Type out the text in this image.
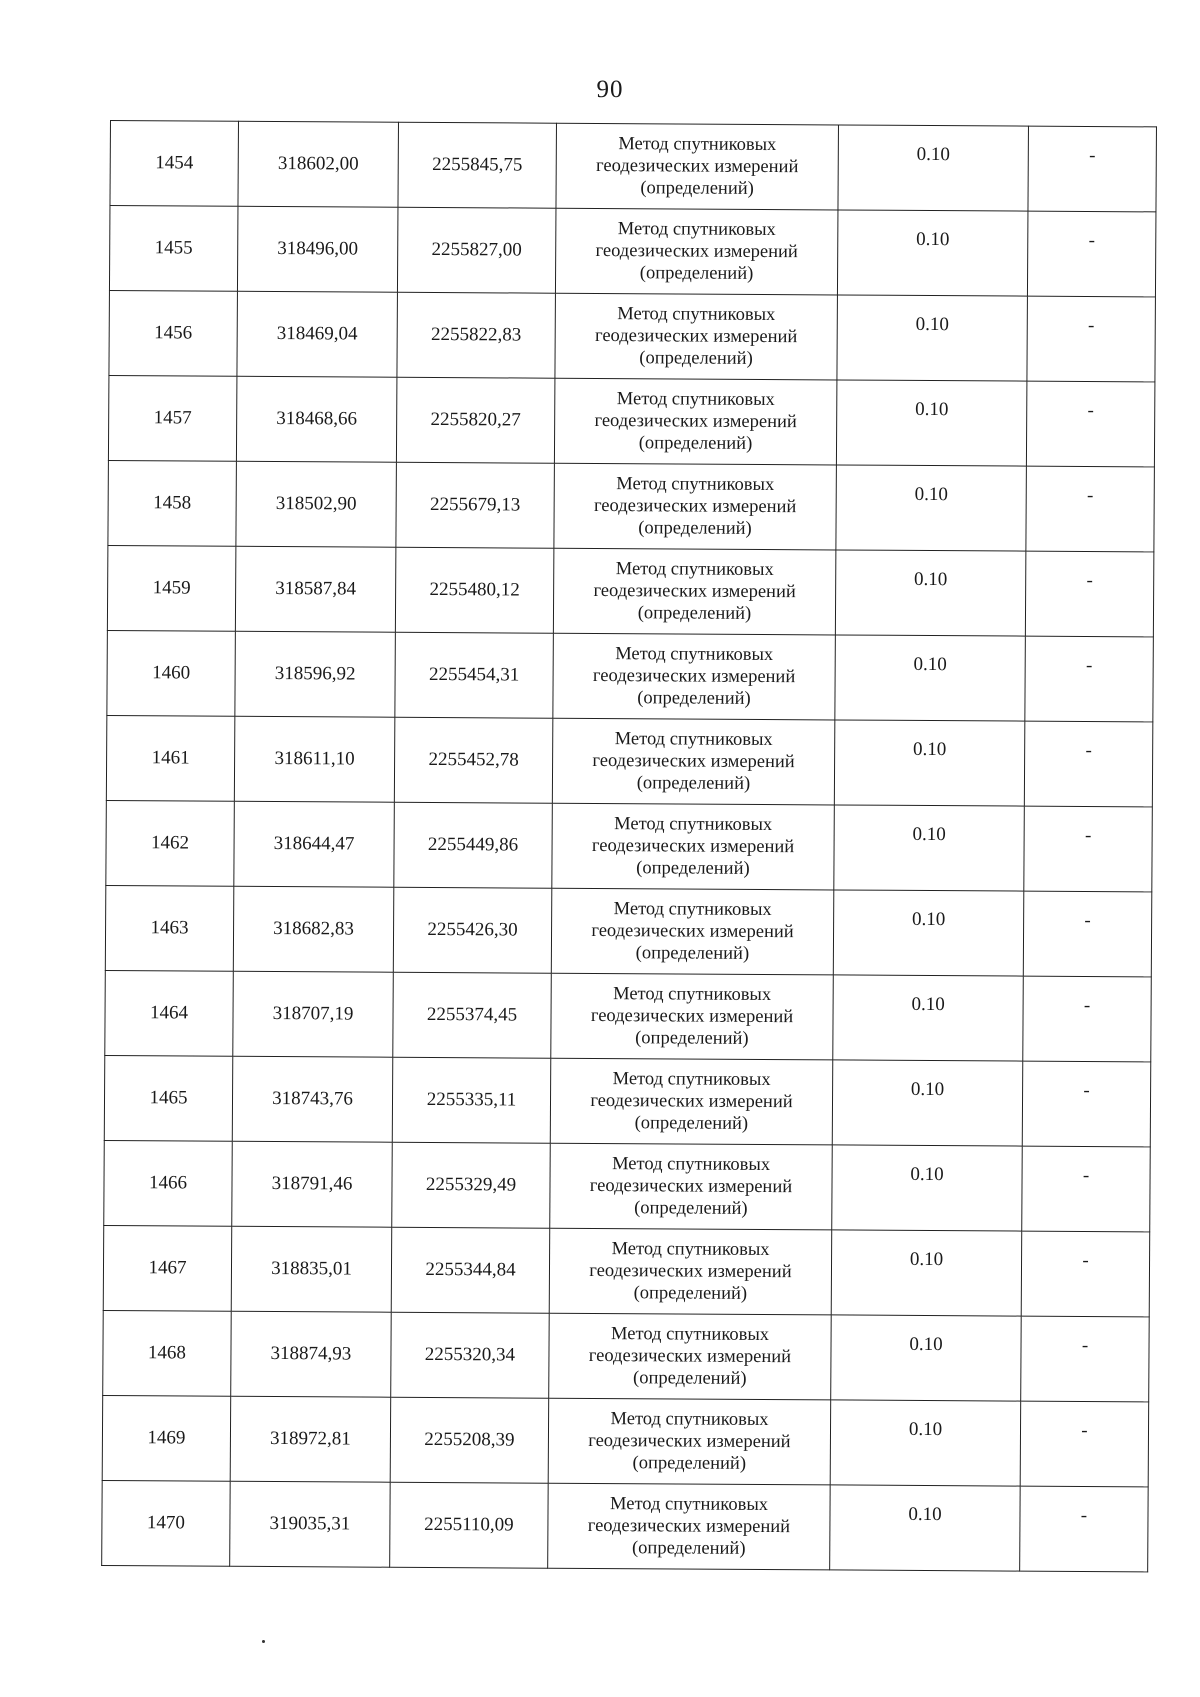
90
1454	318602,00	2255845,75	Метод спутниковых
геодезических измерений
(определений)	0.10	-
1455	318496,00	2255827,00	Метод спутниковых
геодезических измерений
(определений)	0.10	-
1456	318469,04	2255822,83	Метод спутниковых
геодезических измерений
(определений)	0.10	-
1457	318468,66	2255820,27	Метод спутниковых
геодезических измерений
(определений)	0.10	-
1458	318502,90	2255679,13	Метод спутниковых
геодезических измерений
(определений)	0.10	-
1459	318587,84	2255480,12	Метод спутниковых
геодезических измерений
(определений)	0.10	-
1460	318596,92	2255454,31	Метод спутниковых
геодезических измерений
(определений)	0.10	-
1461	318611,10	2255452,78	Метод спутниковых
геодезических измерений
(определений)	0.10	-
1462	318644,47	2255449,86	Метод спутниковых
геодезических измерений
(определений)	0.10	-
1463	318682,83	2255426,30	Метод спутниковых
геодезических измерений
(определений)	0.10	-
1464	318707,19	2255374,45	Метод спутниковых
геодезических измерений
(определений)	0.10	-
1465	318743,76	2255335,11	Метод спутниковых
геодезических измерений
(определений)	0.10	-
1466	318791,46	2255329,49	Метод спутниковых
геодезических измерений
(определений)	0.10	-
1467	318835,01	2255344,84	Метод спутниковых
геодезических измерений
(определений)	0.10	-
1468	318874,93	2255320,34	Метод спутниковых
геодезических измерений
(определений)	0.10	-
1469	318972,81	2255208,39	Метод спутниковых
геодезических измерений
(определений)	0.10	-
1470	319035,31	2255110,09	Метод спутниковых
геодезических измерений
(определений)	0.10	-
